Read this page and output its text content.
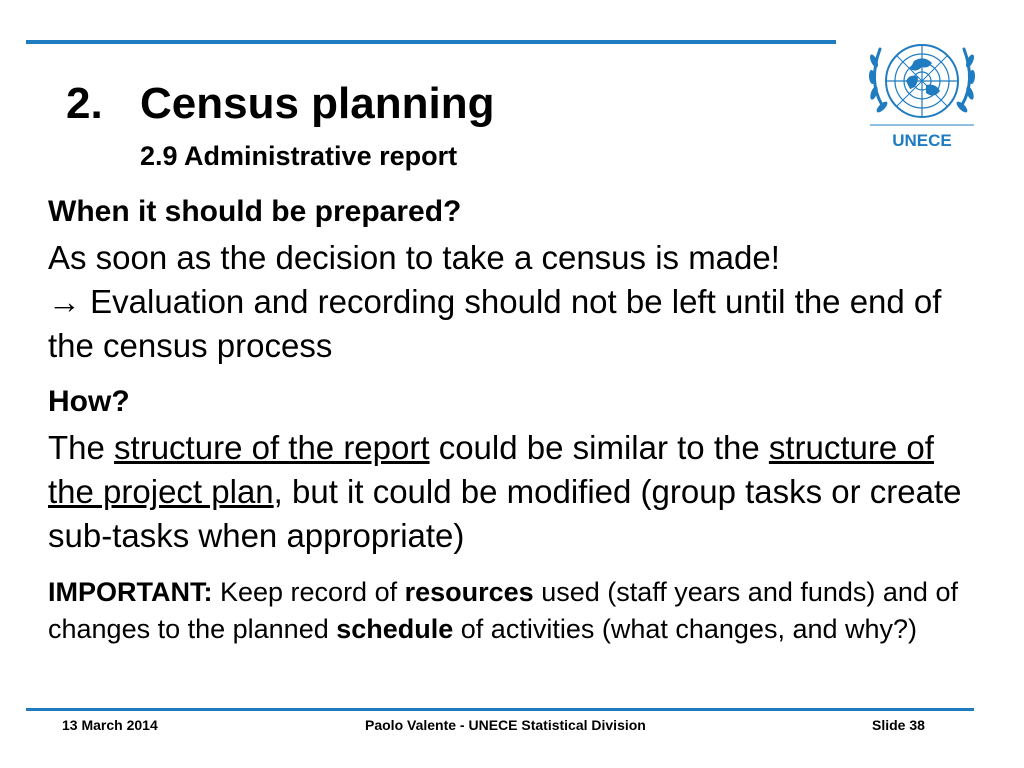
UNECE
2. Census planning
2.9 Administrative report
When it should be prepared?
As soon as the decision to take a census is made!
→ Evaluation and recording should not be left until the end of the census process
How?
The structure of the report could be similar to the structure of the project plan, but it could be modified (group tasks or create sub-tasks when appropriate)
IMPORTANT: Keep record of resources used (staff years and funds) and of changes to the planned schedule of activities (what changes, and why?)
13 March 2014	Paolo Valente - UNECE Statistical Division	Slide 38
